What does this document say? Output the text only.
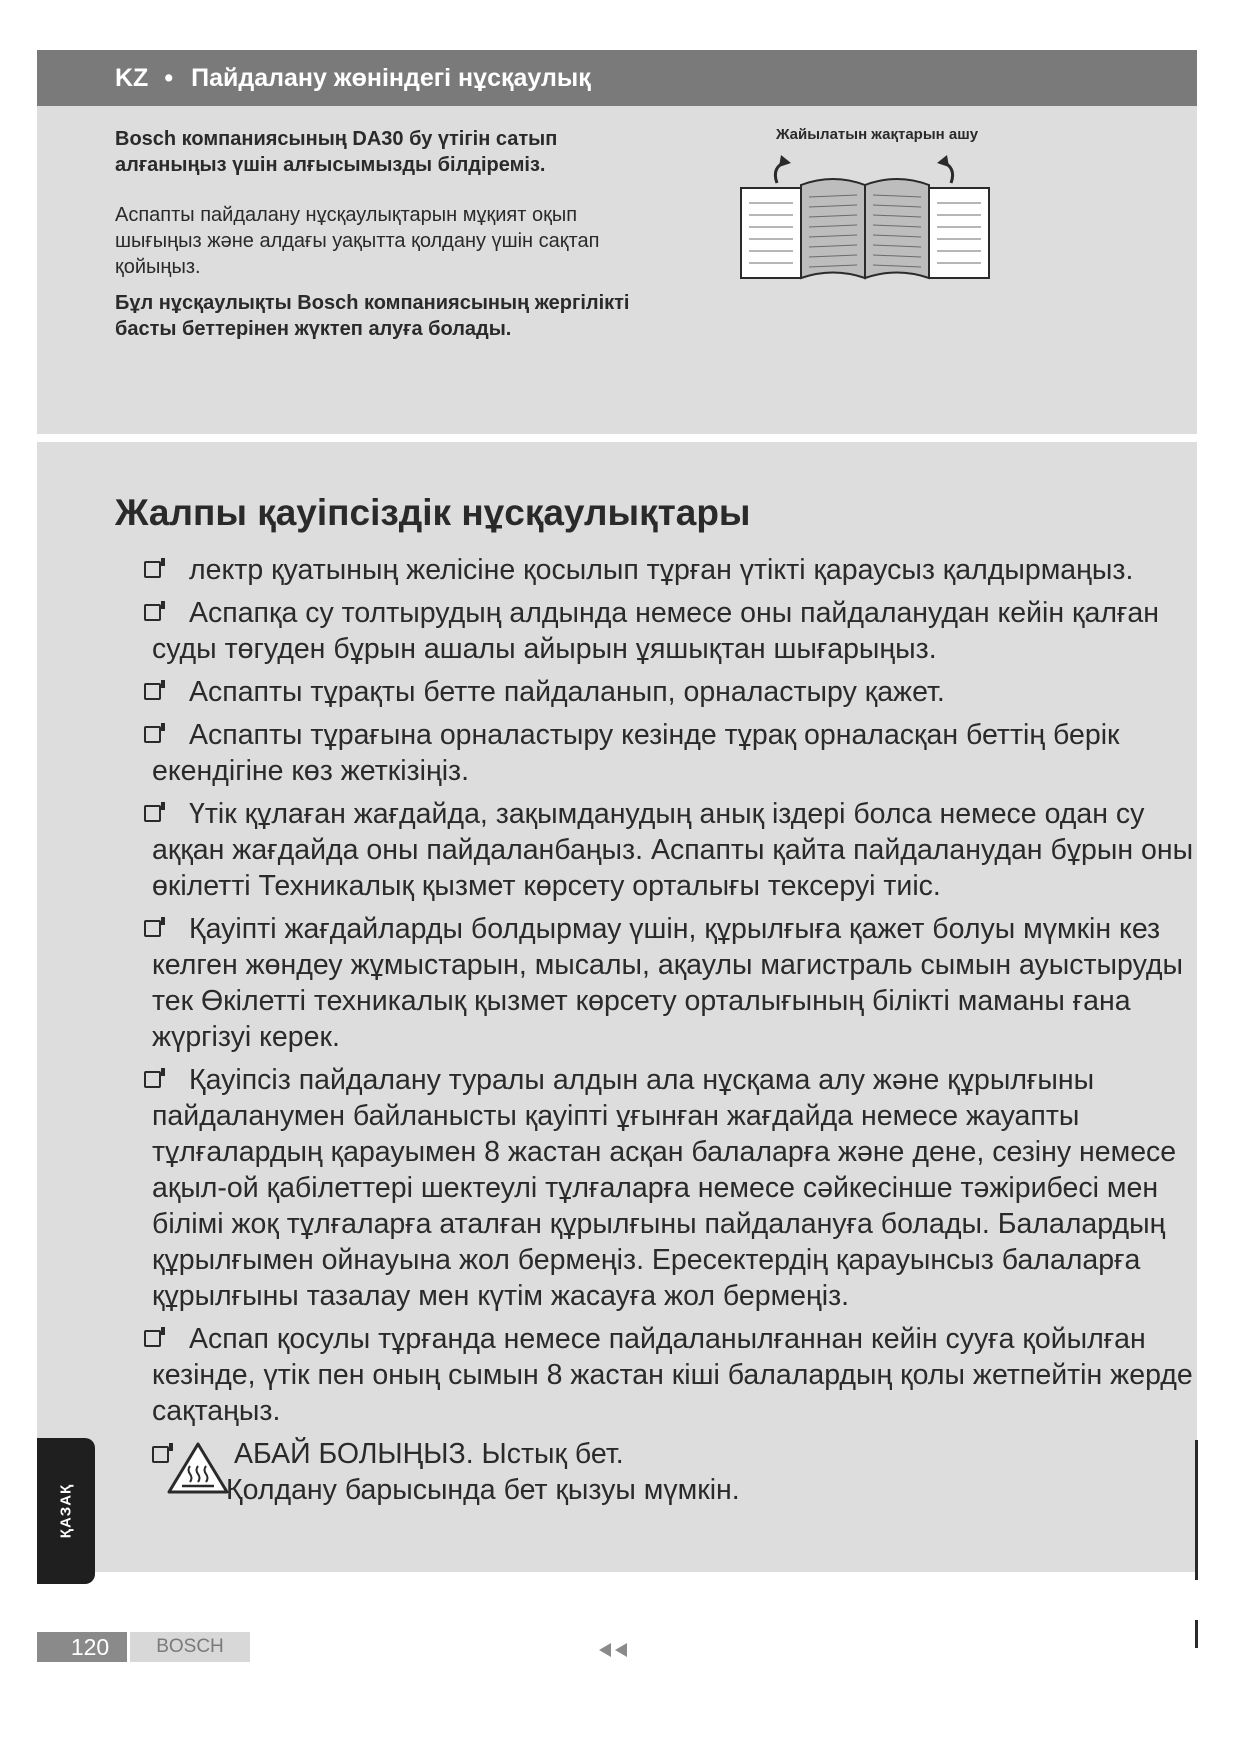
KZ • Пайдалану жөніндегі нұсқаулық

Bosch компаниясының DA30 бу үтігін сатып алғаныңыз үшін алғысымызды білдіреміз.

Аспапты пайдалану нұсқаулықтарын мұқият оқып шығыңыз және алдағы уақытта қолдану үшін сақтап қойыңыз.

Бұл нұсқаулықты Bosch компаниясының жергілікті басты беттерінен жүктеп алуға болады.

Жайылатын жақтарын ашу
Жалпы қауіпсіздік нұсқаулықтары
лектр қуатының желісіне қосылып тұрған үтікті қараусыз қалдырмаңыз.
Аспапқа су толтырудың алдында немесе оны пайдаланудан кейін қалған суды төгуден бұрын ашалы айырын ұяшықтан шығарыңыз.
Аспапты тұрақты бетте пайдаланып, орналастыру қажет.
Аспапты тұрағына орналастыру кезінде тұрақ орналасқан беттің берік екендігіне көз жеткізіңіз.
Үтік құлаған жағдайда, зақымданудың анық іздері болса немесе одан су аққан жағдайда оны пайдаланбаңыз. Аспапты қайта пайдаланудан бұрын оны өкілетті Техникалық қызмет көрсету орталығы тексеруі тиіс.
Қауіпті жағдайларды болдырмау үшін, құрылғыға қажет болуы мүмкін кез келген жөндеу жұмыстарын, мысалы, ақаулы магистраль сымын ауыстыруды тек Өкілетті техникалық қызмет көрсету орталығының білікті маманы ғана жүргізуі керек.
Қауіпсіз пайдалану туралы алдын ала нұсқама алу және құрылғыны пайдаланумен байланысты қауіпті ұғынған жағдайда немесе жауапты тұлғалардың қарауымен 8 жастан асқан балаларға және дене, сезіну немесе ақыл-ой қабілеттері шектеулі тұлғаларға немесе сәйкесінше тәжірибесі мен білімі жоқ тұлғаларға аталған құрылғыны пайдалануға болады. Балалардың құрылғымен ойнауына жол бермеңіз. Ересектердің қарауынсыз балаларға құрылғыны тазалау мен күтім жасауға жол бермеңіз.
Аспап қосулы тұрғанда немесе пайдаланылғаннан кейін сууға қойылған кезінде, үтік пен оның сымын 8 жастан кіші балалардың қолы жетпейтін жерде сақтаңыз.
АБАЙ БОЛЫҢЫЗ. Ыстық бет.
Қолдану барысында бет қызуы мүмкін.
ҚАЗАҚ
120	BOSCH
